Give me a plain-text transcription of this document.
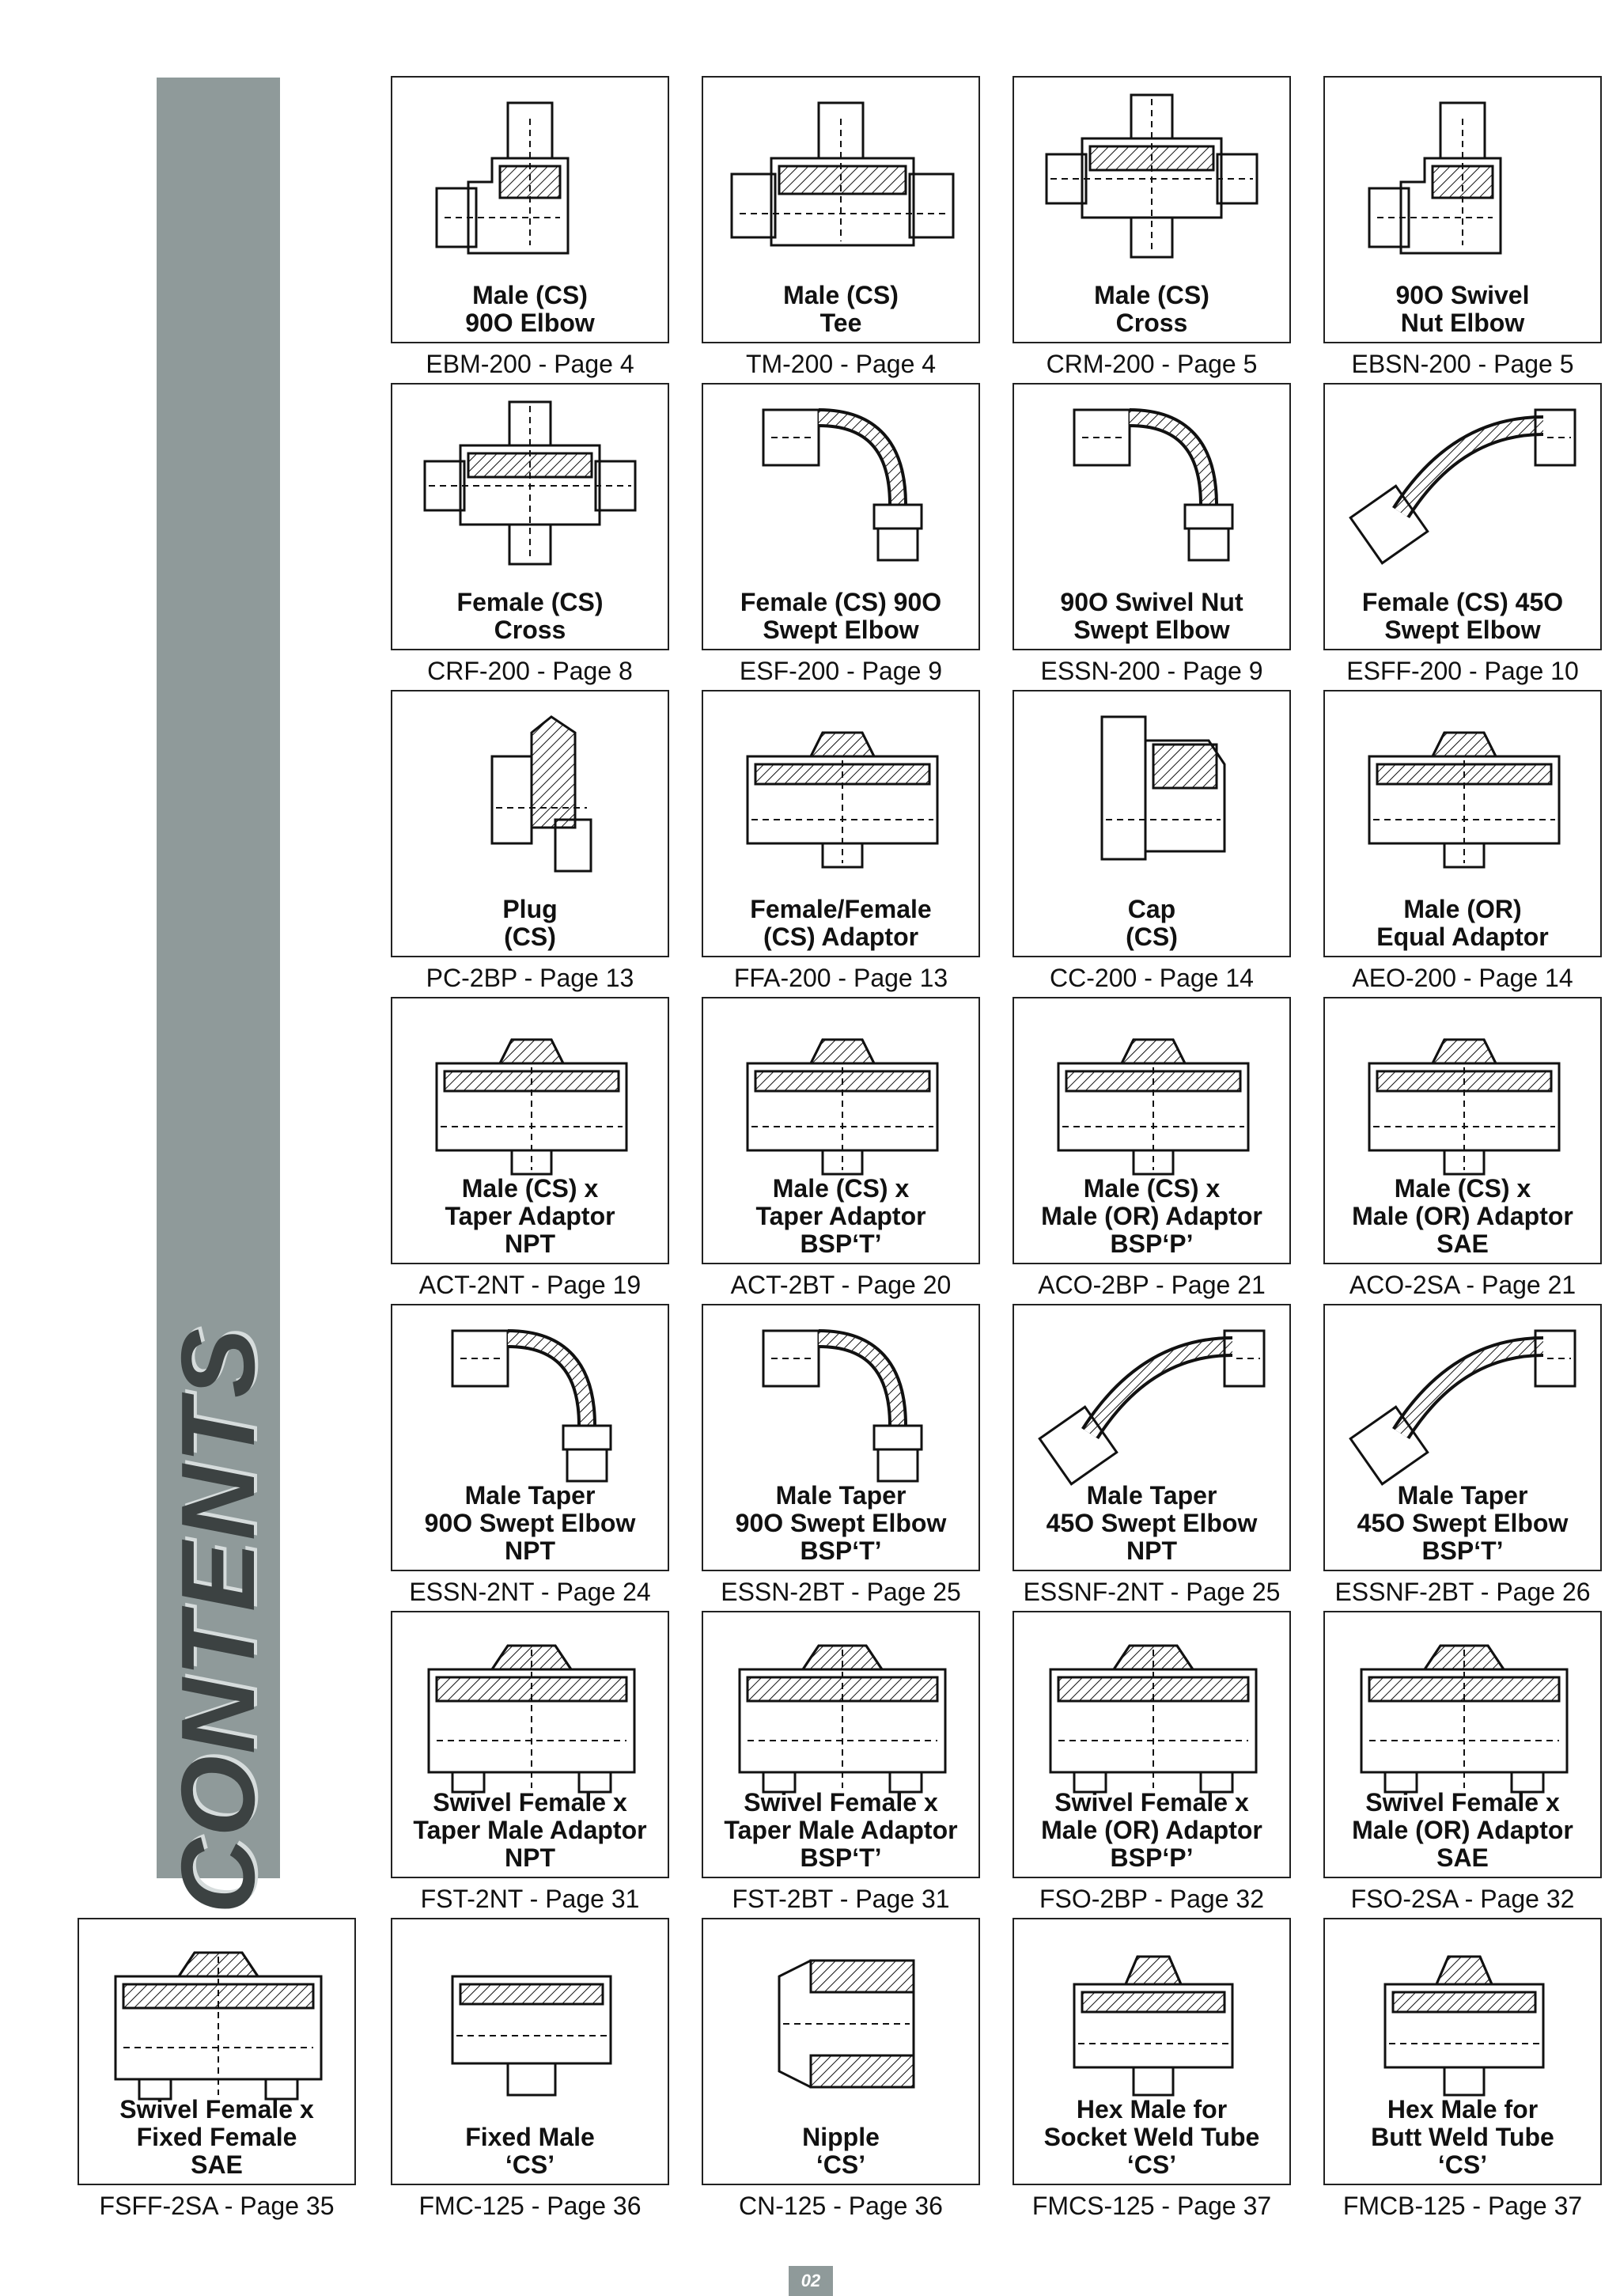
CONTENTS
Male (CS)
90O Elbow
EBM-200 - Page 4
Male (CS)
Tee
TM-200 - Page 4
Male (CS)
Cross
CRM-200 - Page 5
90O Swivel
Nut Elbow
EBSN-200 - Page 5
Female (CS)
Cross
CRF-200 - Page 8
Female (CS) 90O
Swept Elbow
ESF-200 - Page 9
90O Swivel Nut
Swept Elbow
ESSN-200 - Page 9
Female (CS) 45O
Swept Elbow
ESFF-200 - Page 10
Plug
(CS)
PC-2BP - Page 13
Female/Female
(CS) Adaptor
FFA-200 - Page 13
Cap
(CS)
CC-200 - Page 14
Male (OR)
Equal Adaptor
AEO-200 - Page 14
Male (CS) x
Taper Adaptor
NPT
ACT-2NT - Page 19
Male (CS) x
Taper Adaptor
BSP‘T’
ACT-2BT - Page 20
Male (CS) x
Male (OR) Adaptor
BSP‘P’
ACO-2BP - Page 21
Male (CS) x
Male (OR) Adaptor
SAE
ACO-2SA - Page 21
Male Taper
90O Swept Elbow
NPT
ESSN-2NT - Page 24
Male Taper
90O Swept Elbow
BSP‘T’
ESSN-2BT - Page 25
Male Taper
45O Swept Elbow
NPT
ESSNF-2NT - Page 25
Male Taper
45O Swept Elbow
BSP‘T’
ESSNF-2BT - Page 26
Swivel Female x
Taper Male Adaptor
NPT
FST-2NT - Page 31
Swivel Female x
Taper Male Adaptor
BSP‘T’
FST-2BT - Page 31
Swivel Female x
Male (OR) Adaptor
BSP‘P’
FSO-2BP - Page 32
Swivel Female x
Male (OR) Adaptor
SAE
FSO-2SA - Page 32
Swivel Female x
Fixed Female
SAE
FSFF-2SA - Page 35
Fixed Male
‘CS’
FMC-125 - Page 36
Nipple
‘CS’
CN-125 - Page 36
Hex Male for
Socket Weld Tube
‘CS’
FMCS-125 - Page 37
Hex Male for
Butt Weld Tube
‘CS’
FMCB-125 - Page 37
02
